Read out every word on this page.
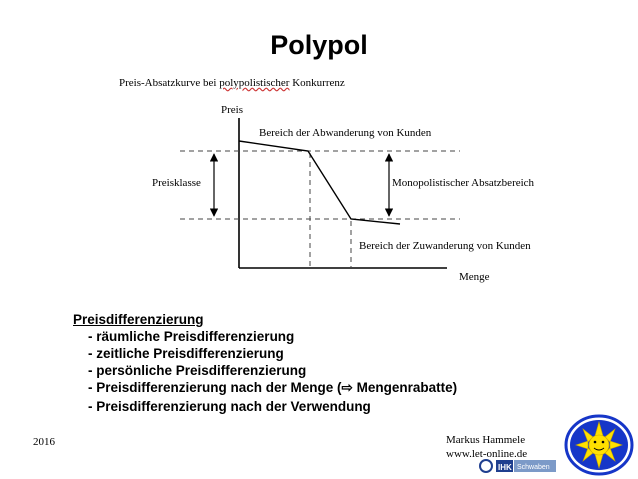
Polypol
Preis-Absatzkurve bei polypolistischer Konkurrenz
Preis
Menge
Bereich der Abwanderung von Kunden
Bereich der Zuwanderung von Kunden
Preisklasse	Monopolistischer Absatzbereich
Preisdifferenzierung
- räumliche Preisdifferenzierung
- zeitliche Preisdifferenzierung
- persönliche Preisdifferenzierung
- Preisdifferenzierung nach der Menge (⇨ Mengenrabatte)
- Preisdifferenzierung nach der Verwendung
2016	Markus Hammele
www.let-online.de
IHK Schwaben
